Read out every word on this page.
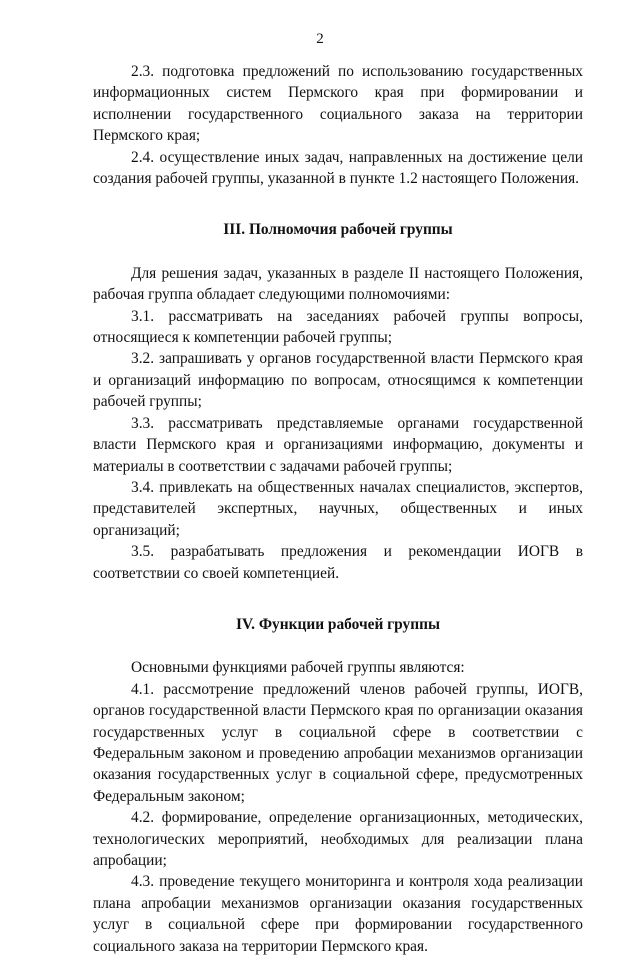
2

2.3. подготовка предложений по использованию государственных информационных систем Пермского края при формировании и исполнении государственного социального заказа на территории Пермского края;

2.4. осуществление иных задач, направленных на достижение цели создания рабочей группы, указанной в пункте 1.2 настоящего Положения.

III. Полномочия рабочей группы

Для решения задач, указанных в разделе II настоящего Положения, рабочая группа обладает следующими полномочиями:

3.1. рассматривать на заседаниях рабочей группы вопросы, относящиеся к компетенции рабочей группы;

3.2. запрашивать у органов государственной власти Пермского края и организаций информацию по вопросам, относящимся к компетенции рабочей группы;

3.3. рассматривать представляемые органами государственной власти Пермского края и организациями информацию, документы и материалы в соответствии с задачами рабочей группы;

3.4. привлекать на общественных началах специалистов, экспертов, представителей экспертных, научных, общественных и иных организаций;

3.5. разрабатывать предложения и рекомендации ИОГВ в соответствии со своей компетенцией.

IV. Функции рабочей группы

Основными функциями рабочей группы являются:

4.1. рассмотрение предложений членов рабочей группы, ИОГВ, органов государственной власти Пермского края по организации оказания государственных услуг в социальной сфере в соответствии с Федеральным законом и проведению апробации механизмов организации оказания государственных услуг в социальной сфере, предусмотренных Федеральным законом;

4.2. формирование, определение организационных, методических, технологических мероприятий, необходимых для реализации плана апробации;

4.3. проведение текущего мониторинга и контроля хода реализации плана апробации механизмов организации оказания государственных услуг в социальной сфере при формировании государственного социального заказа на территории Пермского края.
